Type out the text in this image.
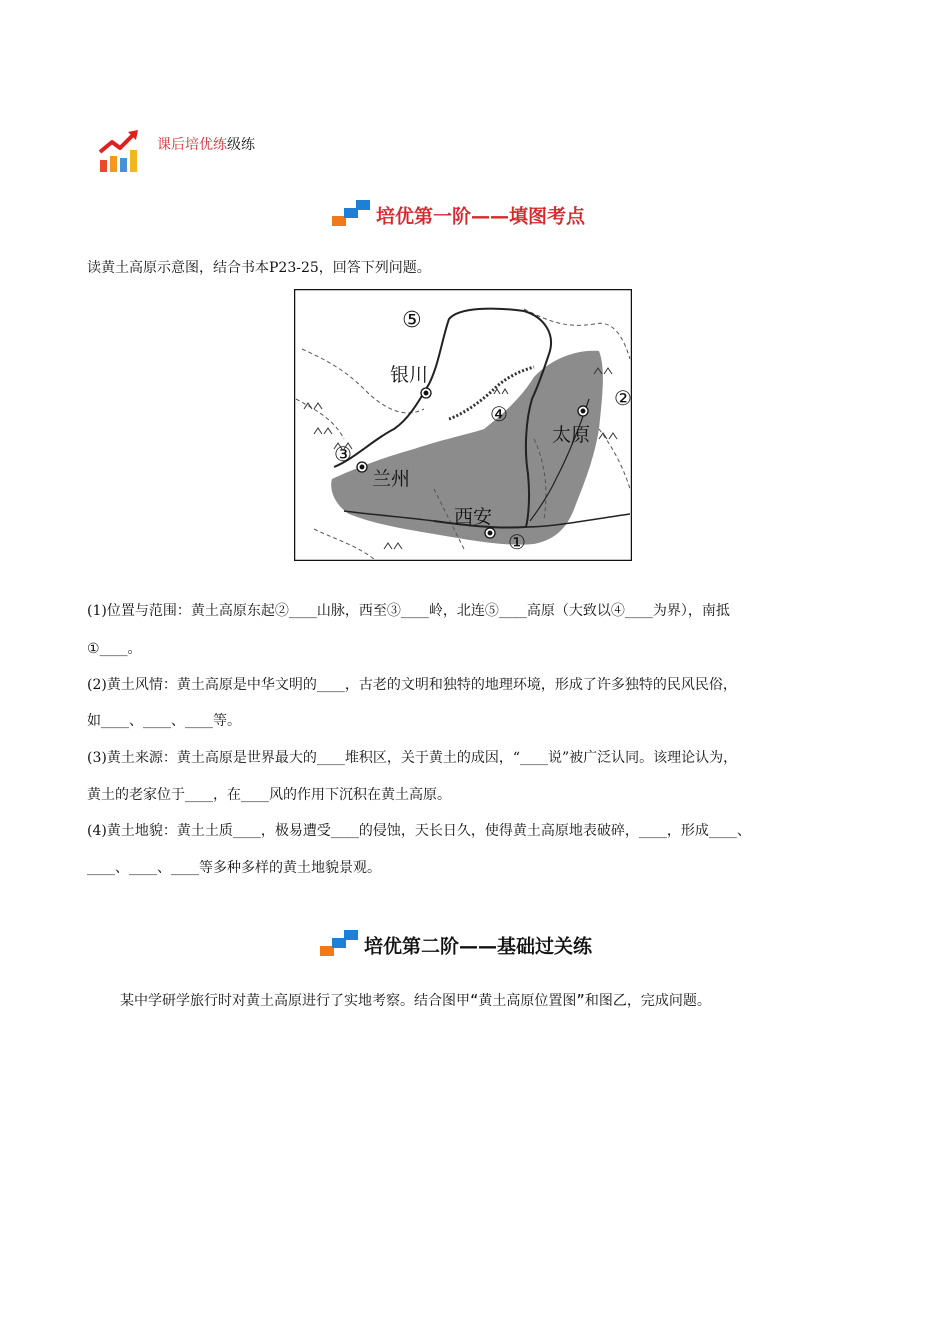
课后培优练级练
培优第一阶——填图考点
读黄土高原示意图，结合书本P23-25，回答下列问题。
⑤
银川
④
②
太原
③
兰州
西安
①
(1)位置与范围：黄土高原东起②____山脉，西至③____岭，北连⑤____高原（大致以④____为界），南抵
①____。
(2)黄土风情：黄土高原是中华文明的____，古老的文明和独特的地理环境，形成了许多独特的民风民俗，
如____、____、____等。
(3)黄土来源：黄土高原是世界最大的____堆积区，关于黄土的成因，“____说”被广泛认同。该理论认为，
黄土的老家位于____，在____风的作用下沉积在黄土高原。
(4)黄土地貌：黄土土质____，极易遭受____的侵蚀，天长日久，使得黄土高原地表破碎，____，形成____、
____、____、____等多种多样的黄土地貌景观。
培优第二阶——基础过关练
某中学研学旅行时对黄土高原进行了实地考察。结合图甲“黄土高原位置图”和图乙，完成问题。
